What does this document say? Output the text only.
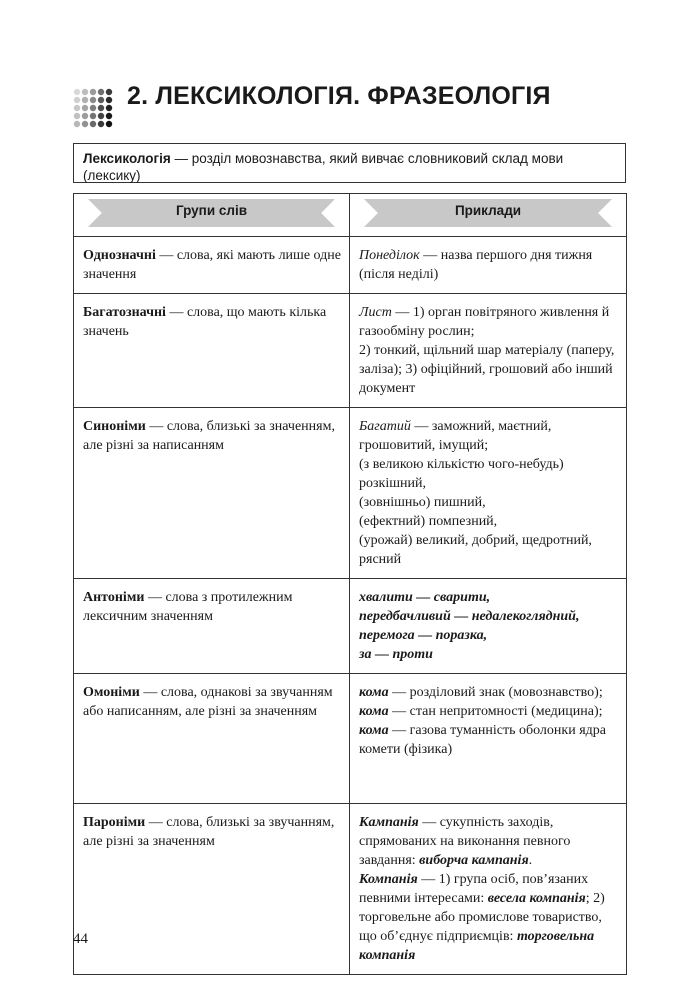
2. ЛЕКСИКОЛОГІЯ. ФРАЗЕОЛОГІЯ
Лексикологія — розділ мовознавства, який вивчає словниковий склад мови (лексику)
Групи слів	Приклади

Однозначні — слова, які мають лише одне значення	Понеділок — назва першого дня тижня (після неділі)
Багатозначні — слова, що мають кілька значень	Лист — 1) орган повітряного живлення й газообміну рослин;
2) тонкий, щільний шар матеріалу (паперу, заліза); 3) офіційний, грошовий або інший документ
Синоніми — слова, близькі за значенням, але різні за написанням	Багатий — заможний, маєтний, грошовитий, імущий;
(з великою кількістю чого-небудь) розкішний,
(зовнішньо) пишний,
(ефектний) помпезний,
(урожай) великий, добрий, щедротний, рясний
Антоніми — слова з протилежним лексичним значенням	хвалити — сварити,
передбачливий — недалекоглядний,
перемога — поразка,
за — проти
Омоніми — слова, однакові за звучанням або написанням, але різні за значенням	кома — розділовий знак (мовознавство);
кома — стан непритомності (медицина);
кома — газова туманність оболонки ядра комети (фізика)
Пароніми — слова, близькі за звучанням, але різні за значенням	Кампанія — сукупність заходів, спрямованих на виконання певного завдання: виборча кампанія.
Компанія — 1) група осіб, пов’язаних певними інтересами: весела компанія; 2) торговельне або промислове товариство, що об’єднує підприємців: торговельна компанія
44
